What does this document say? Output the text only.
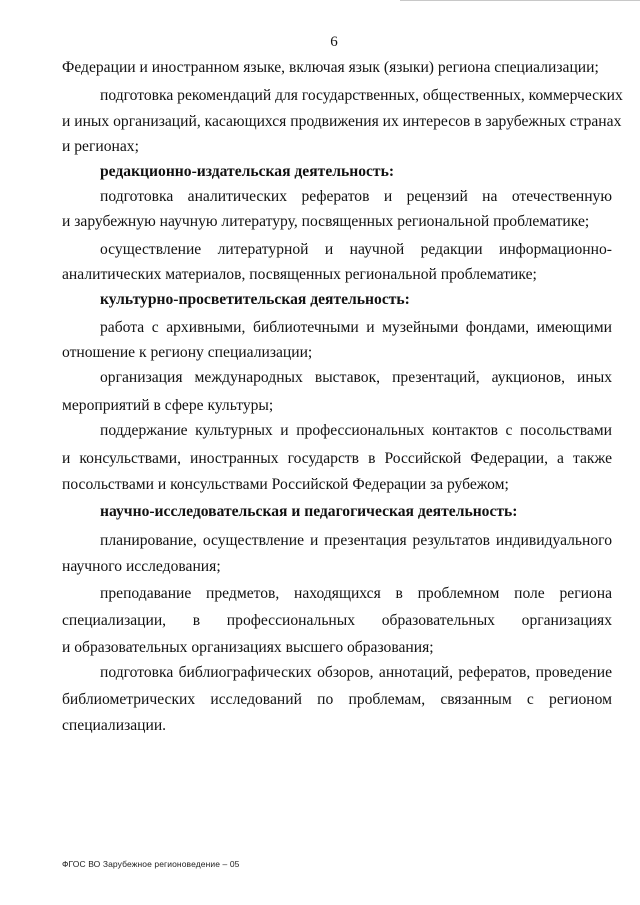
6
Федерации и иностранном языке, включая язык (языки) региона специализации;
подготовка рекомендаций для государственных, общественных, коммерческих
и иных организаций, касающихся продвижения их интересов в зарубежных странах
и регионах;
редакционно-издательская деятельность:
подготовка аналитических рефератов и рецензий на отечественную
и зарубежную научную литературу, посвященных региональной проблематике;
осуществление литературной и научной редакции информационно-
аналитических материалов, посвященных региональной проблематике;
культурно-просветительская деятельность:
работа с архивными, библиотечными и музейными фондами, имеющими
отношение к региону специализации;
организация международных выставок, презентаций, аукционов, иных
мероприятий в сфере культуры;
поддержание культурных и профессиональных контактов с посольствами
и консульствами, иностранных государств в Российской Федерации, а также
посольствами и консульствами Российской Федерации за рубежом;
научно-исследовательская и педагогическая деятельность:
планирование, осуществление и презентация результатов индивидуального
научного исследования;
преподавание предметов, находящихся в проблемном поле региона
специализации, в профессиональных образовательных организациях
и образовательных организациях высшего образования;
подготовка библиографических обзоров, аннотаций, рефератов, проведение
библиометрических исследований по проблемам, связанным с регионом
специализации.
ФГОС ВО Зарубежное регионоведение – 05
